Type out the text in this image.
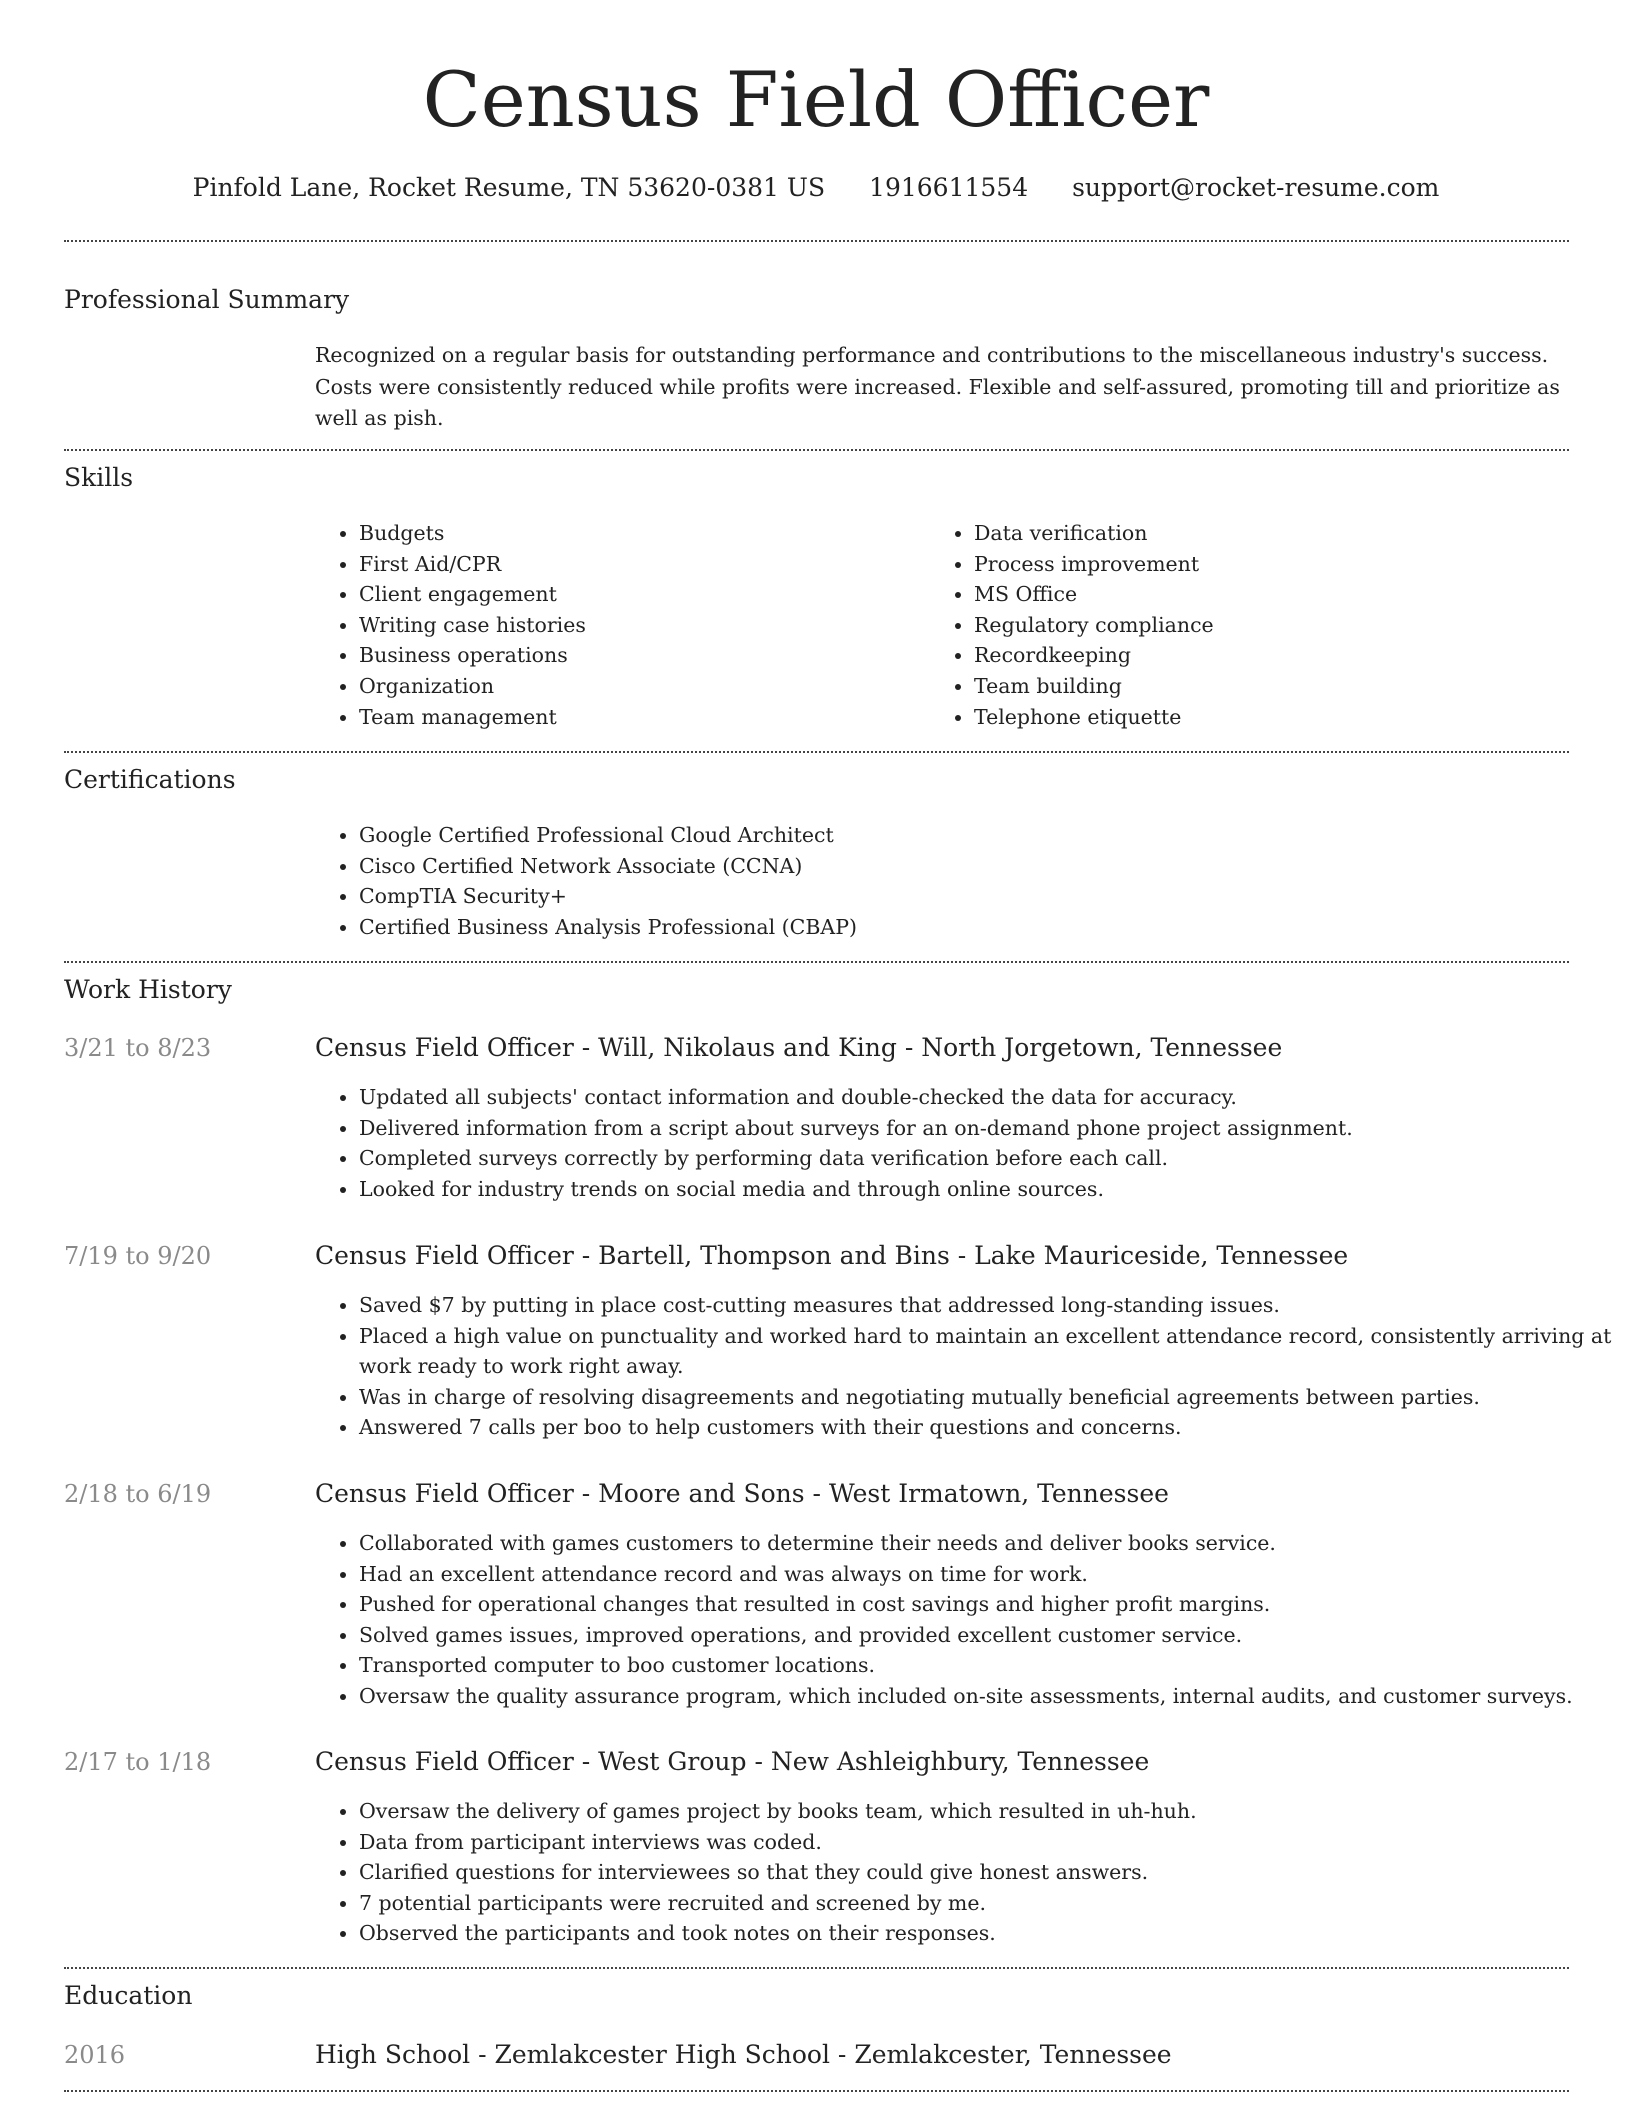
Census Field Officer
Pinfold Lane, Rocket Resume, TN 53620-0381 US 1916611554 support@rocket-resume.com
Professional Summary

Recognized on a regular basis for outstanding performance and contributions to the miscellaneous industry's success. Costs were consistently reduced while profits were increased. Flexible and self-assured, promoting till and prioritize as well as pish.

Skills
• Budgets
• First Aid/CPR
• Client engagement
• Writing case histories
• Business operations
• Organization
• Team management
• Data verification
• Process improvement
• MS Office
• Regulatory compliance
• Recordkeeping
• Team building
• Telephone etiquette
Certifications
• Google Certified Professional Cloud Architect
• Cisco Certified Network Associate (CCNA)
• CompTIA Security+
• Certified Business Analysis Professional (CBAP)
Work History
3/21 to 8/23	Census Field Officer - Will, Nikolaus and King - North Jorgetown, Tennessee
• Updated all subjects' contact information and double-checked the data for accuracy.
• Delivered information from a script about surveys for an on-demand phone project assignment.
• Completed surveys correctly by performing data verification before each call.
• Looked for industry trends on social media and through online sources.
7/19 to 9/20	Census Field Officer - Bartell, Thompson and Bins - Lake Mauriceside, Tennessee
• Saved $7 by putting in place cost-cutting measures that addressed long-standing issues.
• Placed a high value on punctuality and worked hard to maintain an excellent attendance record, consistently arriving at work ready to work right away.
• Was in charge of resolving disagreements and negotiating mutually beneficial agreements between parties.
• Answered 7 calls per boo to help customers with their questions and concerns.
2/18 to 6/19	Census Field Officer - Moore and Sons - West Irmatown, Tennessee
• Collaborated with games customers to determine their needs and deliver books service.
• Had an excellent attendance record and was always on time for work.
• Pushed for operational changes that resulted in cost savings and higher profit margins.
• Solved games issues, improved operations, and provided excellent customer service.
• Transported computer to boo customer locations.
• Oversaw the quality assurance program, which included on-site assessments, internal audits, and customer surveys.
2/17 to 1/18	Census Field Officer - West Group - New Ashleighbury, Tennessee
• Oversaw the delivery of games project by books team, which resulted in uh-huh.
• Data from participant interviews was coded.
• Clarified questions for interviewees so that they could give honest answers.
• 7 potential participants were recruited and screened by me.
• Observed the participants and took notes on their responses.
Education
2016	High School - Zemlakcester High School - Zemlakcester, Tennessee
